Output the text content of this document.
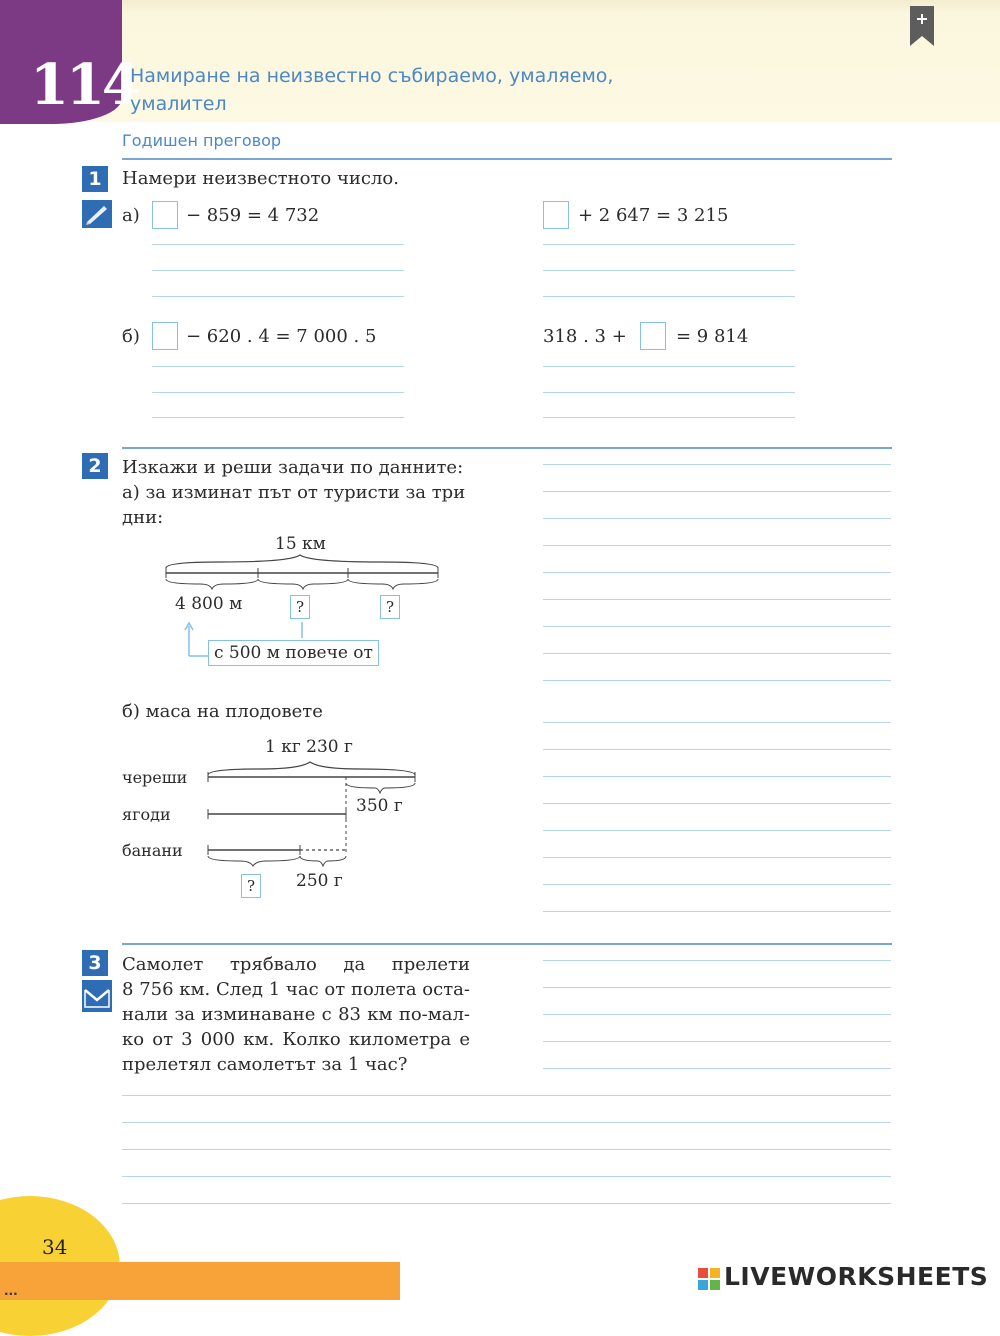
114
Намиране на неизвестно събираемо, умаляемо, умалител
Годишен преговор
1	Намери неизвестното число.
а)	− 859 = 4 732	+ 2 647 = 3 215
б)	− 620 . 4 = 7 000 . 5	318 . 3 +	= 9 814
2	Изкажи и реши задачи по данните:
а) за изминат път от туристи за три
дни:
15 км
4 800 м	?	?
с 500 м повече от
б) маса на плодовете
1 кг 230 г
череши
ягоди
банани
350 г
250 г
?
3	Самолет трябвало да прелети
8 756 км. След 1 час от полета оста-
нали за изминаване с 83 км по-мал-
ко от 3 000 км. Колко километра е
прелетял самолетът за 1 час?
34
...	LIVEWORKSHEETS
